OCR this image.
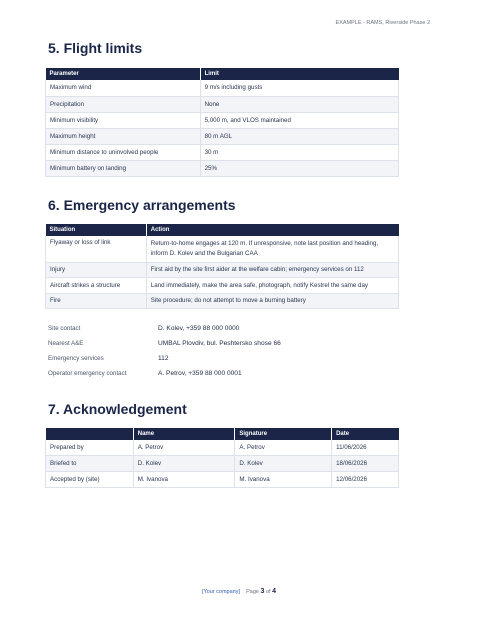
EXAMPLE - RAMS, Riverside Phase 2
5. Flight limits
Parameter	Limit
Maximum wind	9 m/s including gusts
Precipitation	None
Minimum visibility	5,000 m, and VLOS maintained
Maximum height	80 m AGL
Minimum distance to uninvolved people	30 m
Minimum battery on landing	25%
6. Emergency arrangements
Situation	Action
Flyaway or loss of link	Return-to-home engages at 120 m. If unresponsive, note last position and heading, inform D. Kolev and the Bulgarian CAA
Injury	First aid by the site first aider at the welfare cabin; emergency services on 112
Aircraft strikes a structure	Land immediately, make the area safe, photograph, notify Kestrel the same day
Fire	Site procedure; do not attempt to move a burning battery
Site contact	D. Kolev, +359 88 000 0000
Nearest A&E	UMBAL Plovdiv, bul. Peshtersko shose 66
Emergency services	112
Operator emergency contact	A. Petrov, +359 88 000 0001
7. Acknowledgement
	Name	Signature	Date
Prepared by	A. Petrov	A. Petrov	11/06/2026
Briefed to	D. Kolev	D. Kolev	18/06/2026
Accepted by (site)	M. Ivanova	M. Ivanova	12/06/2026
[Your company] Page 3 of 4
